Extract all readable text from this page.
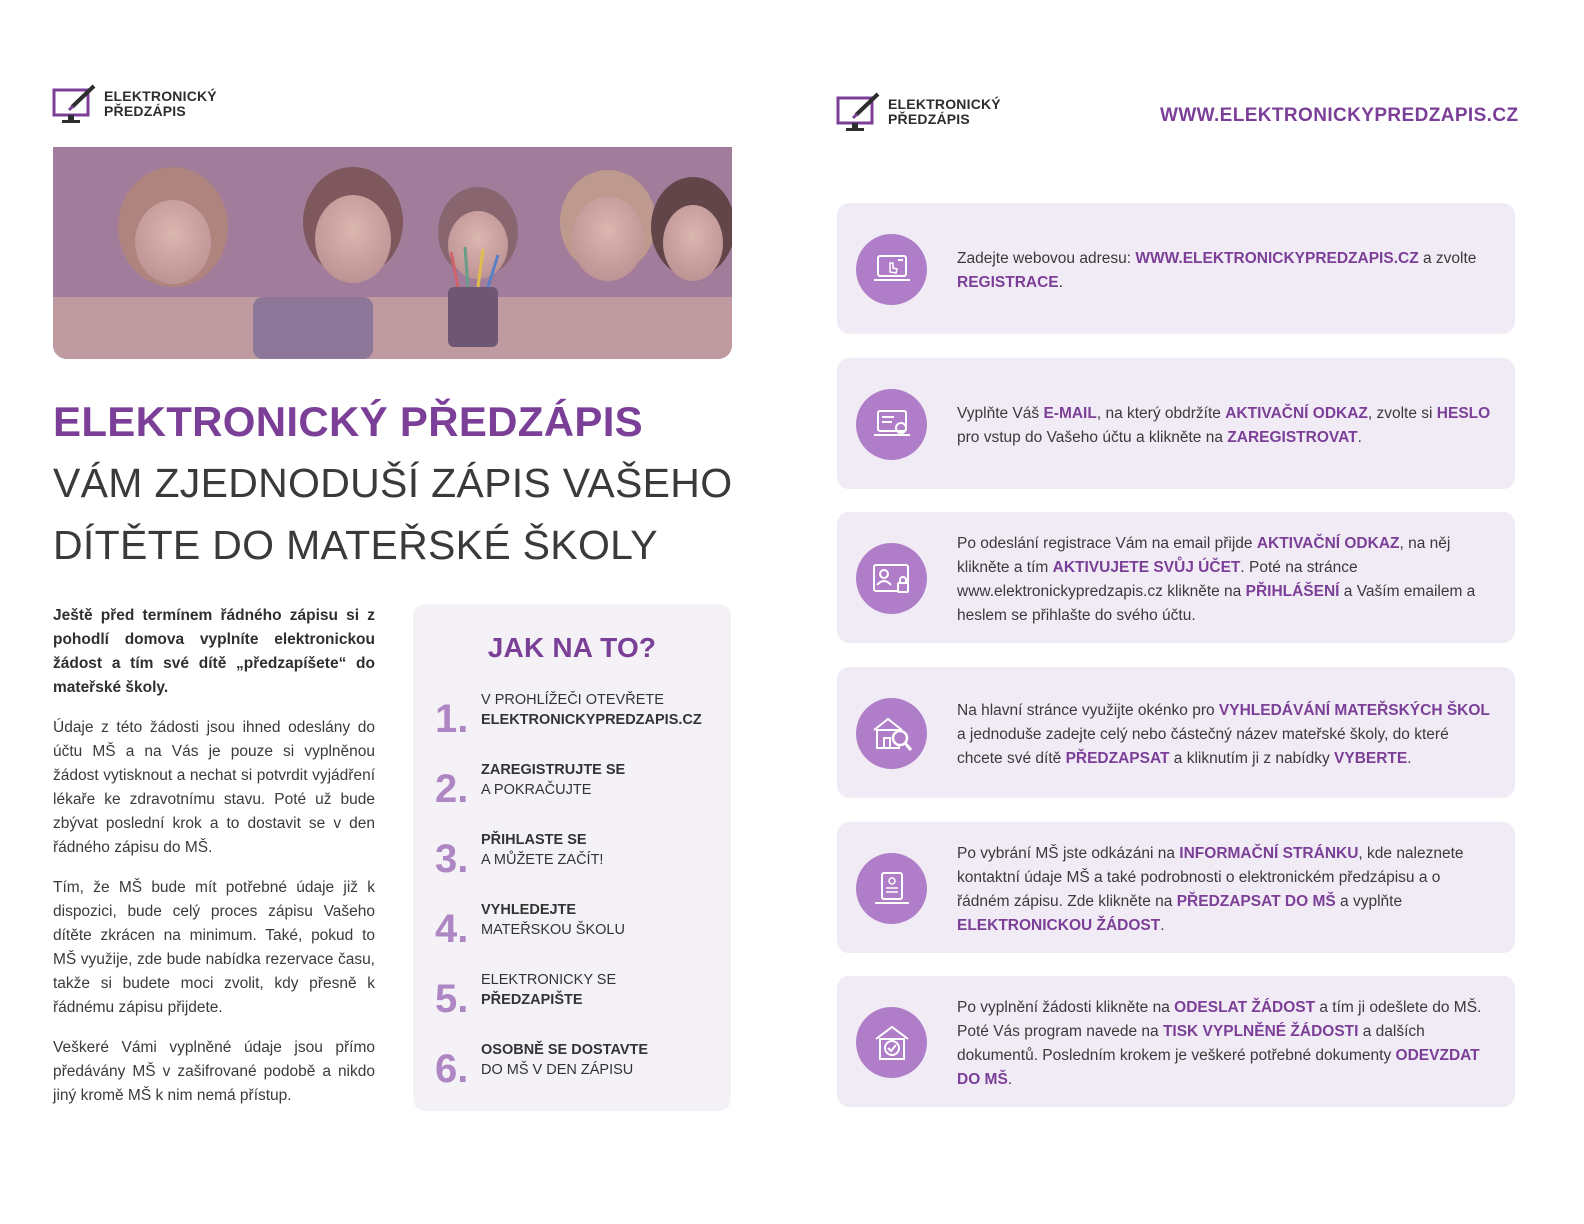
ELEKTRONICKÝ
PŘEDZÁPIS
ELEKTRONICKÝ PŘEDZÁPIS
VÁM ZJEDNODUŠÍ ZÁPIS VAŠEHO
DÍTĚTE DO MATEŘSKÉ ŠKOLY
Ještě před termínem řádného zápisu si z pohodlí domova vyplníte elektronickou žádost a tím své dítě „předzapíšete“ do mateřské školy.
Údaje z této žádosti jsou ihned odeslány do účtu MŠ a na Vás je pouze si vyplněnou žádost vytisknout a nechat si potvrdit vyjádření lékaře ke zdravotnímu stavu. Poté už bude zbývat poslední krok a to dostavit se v den řádného zápisu do MŠ.
Tím, že MŠ bude mít potřebné údaje již k dispozici, bude celý proces zápisu Vašeho dítěte zkrácen na minimum. Také, pokud to MŠ využije, zde bude nabídka rezervace času, takže si budete moci zvolit, kdy přesně k řádnému zápisu přijdete.
Veškeré Vámi vyplněné údaje jsou přímo předávány MŠ v zašifrované podobě a nikdo jiný kromě MŠ k nim nemá přístup.
JAK NA TO?
1. V PROHLÍŽEČI OTEVŘETE
ELEKTRONICKYPREDZAPIS.CZ
2. ZAREGISTRUJTE SE
A POKRAČUJTE
3. PŘIHLASTE SE
A MŮŽETE ZAČÍT!
4. VYHLEDEJTE
MATEŘSKOU ŠKOLU
5. ELEKTRONICKY SE
PŘEDZAPIŠTE
6. OSOBNĚ SE DOSTAVTE
DO MŠ V DEN ZÁPISU
ELEKTRONICKÝ
PŘEDZÁPIS	WWW.ELEKTRONICKYPREDZAPIS.CZ
Zadejte webovou adresu: WWW.ELEKTRONICKYPREDZAPIS.CZ a zvolte REGISTRACE.
Vyplňte Váš E-MAIL, na který obdržíte AKTIVAČNÍ ODKAZ, zvolte si HESLO pro vstup do Vašeho účtu a klikněte na ZAREGISTROVAT.
Po odeslání registrace Vám na email přijde AKTIVAČNÍ ODKAZ, na něj klikněte a tím AKTIVUJETE SVŮJ ÚČET. Poté na stránce www.elektronickypredzapis.cz klikněte na PŘIHLÁŠENÍ a Vaším emailem a heslem se přihlašte do svého účtu.
Na hlavní stránce využijte okénko pro VYHLEDÁVÁNÍ MATEŘSKÝCH ŠKOL a jednoduše zadejte celý nebo částečný název mateřské školy, do které chcete své dítě PŘEDZAPSAT a kliknutím ji z nabídky VYBERTE.
Po vybrání MŠ jste odkázáni na INFORMAČNÍ STRÁNKU, kde naleznete kontaktní údaje MŠ a také podrobnosti o elektronickém předzápisu a o řádném zápisu. Zde klikněte na PŘEDZAPSAT DO MŠ a vyplňte ELEKTRONICKOU ŽÁDOST.
Po vyplnění žádosti klikněte na ODESLAT ŽÁDOST a tím ji odešlete do MŠ. Poté Vás program navede na TISK VYPLNĚNÉ ŽÁDOSTI a dalších dokumentů. Posledním krokem je veškeré potřebné dokumenty ODEVZDAT DO MŠ.
